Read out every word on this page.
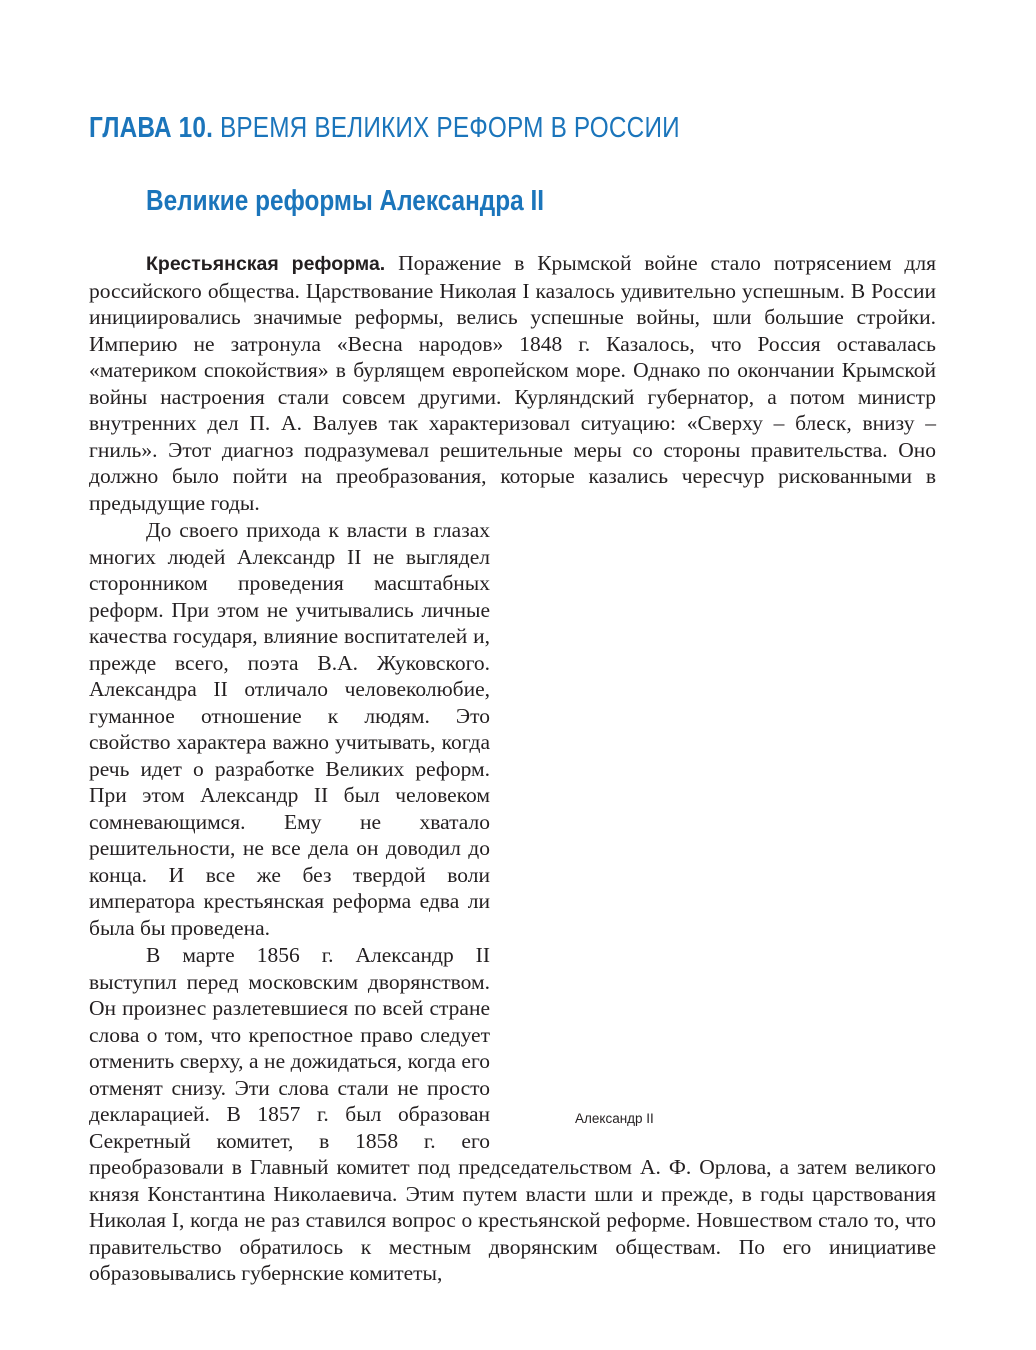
ГЛАВА 10. ВРЕМЯ ВЕЛИКИХ РЕФОРМ В РОССИИ
Великие реформы Александра II

Крестьянская реформа. Поражение в Крымской войне стало потрясением для российского общества. Царствование Николая I казалось удивительно успешным. В России инициировались значимые реформы, велись успешные войны, шли большие стройки. Империю не затронула «Весна народов» 1848 г. Казалось, что Россия оставалась «материком спокойствия» в бурлящем европейском море. Однако по окончании Крымской войны настроения стали совсем другими. Курляндский губернатор, а потом министр внутренних дел П. А. Валуев так характеризовал ситуацию: «Сверху – блеск, внизу – гниль». Этот диагноз подразумевал решительные меры со стороны правительства. Оно должно было пойти на преобразования, которые казались чересчур рискованными в предыдущие годы.

Александр II
До своего прихода к власти в глазах многих людей Александр II не выглядел сторонником проведения масштабных реформ. При этом не учитывались личные качества государя, влияние воспитателей и, прежде всего, поэта В.А. Жуковского. Александра II отличало человеколюбие, гуманное отношение к людям. Это свойство характера важно учитывать, когда речь идет о разработке Великих реформ. При этом Александр II был человеком сомневающимся. Ему не хватало решительности, не все дела он доводил до конца. И все же без твердой воли императора крестьянская реформа едва ли была бы проведена.

В марте 1856 г. Александр II выступил перед московским дворянством. Он произнес разлетевшиеся по всей стране слова о том, что крепостное право следует отменить сверху, а не дожидаться, когда его отменят снизу. Эти слова стали не просто декларацией. В 1857 г. был образован Секретный комитет, в 1858 г. его преобразовали в Главный комитет под председательством А. Ф. Орлова, а затем великого князя Константина Николаевича. Этим путем власти шли и прежде, в годы царствования Николая I, когда не раз ставился вопрос о крестьянской реформе. Новшеством стало то, что правительство обратилось к местным дворянским обществам. По его инициативе образовывались губернские комитеты,
